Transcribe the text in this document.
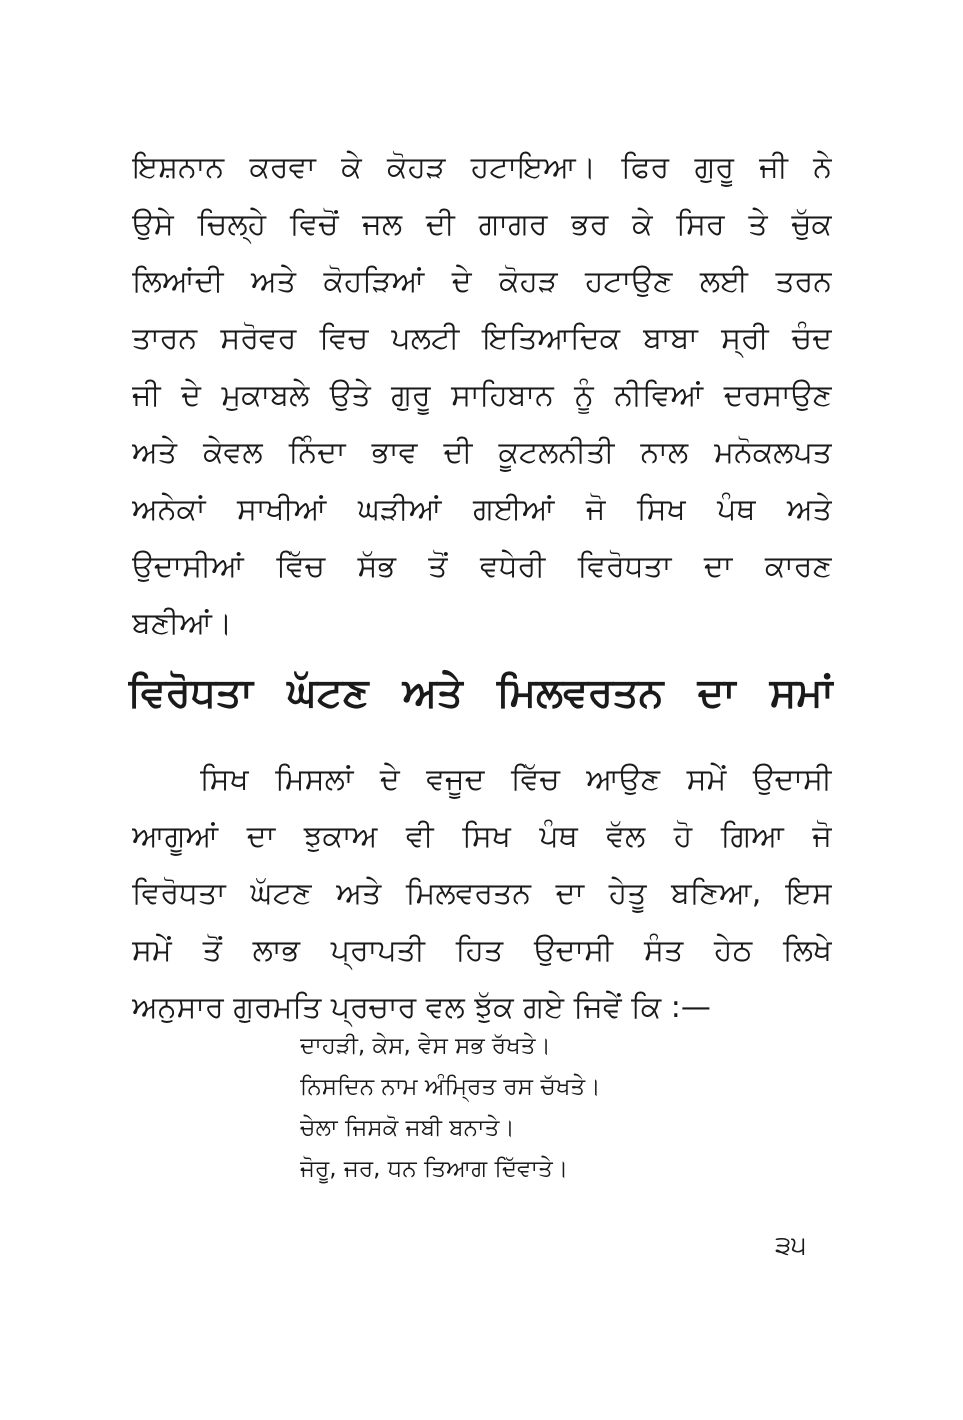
ਇਸ਼ਨਾਨ ਕਰਵਾ ਕੇ ਕੋਹੜ ਹਟਾਇਆ। ਫਿਰ ਗੁਰੂ ਜੀ ਨੇ
ਉਸੇ ਚਿਲ੍ਹੇ ਵਿਚੋਂ ਜਲ ਦੀ ਗਾਗਰ ਭਰ ਕੇ ਸਿਰ ਤੇ ਚੁੱਕ
ਲਿਆਂਦੀ ਅਤੇ ਕੋਹੜਿਆਂ ਦੇ ਕੋਹੜ ਹਟਾਉਣ ਲਈ ਤਰਨ
ਤਾਰਨ ਸਰੋਵਰ ਵਿਚ ਪਲਟੀ ਇਤਿਆਦਿਕ ਬਾਬਾ ਸ੍ਰੀ ਚੰਦ
ਜੀ ਦੇ ਮੁਕਾਬਲੇ ਉਤੇ ਗੁਰੂ ਸਾਹਿਬਾਨ ਨੂੰ ਨੀਵਿਆਂ ਦਰਸਾਉਣ
ਅਤੇ ਕੇਵਲ ਨਿੰਦਾ ਭਾਵ ਦੀ ਕੂਟਲਨੀਤੀ ਨਾਲ ਮਨੋਕਲਪਤ
ਅਨੇਕਾਂ ਸਾਖੀਆਂ ਘੜੀਆਂ ਗਈਆਂ ਜੋ ਸਿਖ ਪੰਥ ਅਤੇ
ਉਦਾਸੀਆਂ ਵਿੱਚ ਸੱਭ ਤੋਂ ਵਧੇਰੀ ਵਿਰੋਧਤਾ ਦਾ ਕਾਰਣ
ਬਣੀਆਂ।
ਵਿਰੋਧਤਾ ਘੱਟਣ ਅਤੇ ਮਿਲਵਰਤਨ ਦਾ ਸਮਾਂ
ਸਿਖ ਮਿਸਲਾਂ ਦੇ ਵਜੂਦ ਵਿੱਚ ਆਉਣ ਸਮੇਂ ਉਦਾਸੀ
ਆਗੂਆਂ ਦਾ ਝੁਕਾਅ ਵੀ ਸਿਖ ਪੰਥ ਵੱਲ ਹੋ ਗਿਆ ਜੋ
ਵਿਰੋਧਤਾ ਘੱਟਣ ਅਤੇ ਮਿਲਵਰਤਨ ਦਾ ਹੇਤੂ ਬਣਿਆ, ਇਸ
ਸਮੇਂ ਤੋਂ ਲਾਭ ਪ੍ਰਾਪਤੀ ਹਿਤ ਉਦਾਸੀ ਸੰਤ ਹੇਠ ਲਿਖੇ
ਅਨੁਸਾਰ ਗੁਰਮਤਿ ਪ੍ਰਚਾਰ ਵਲ ਝੁੱਕ ਗਏ ਜਿਵੇਂ ਕਿ :—
ਦਾਹੜੀ, ਕੇਸ, ਵੇਸ ਸਭ ਰੱਖਤੇ।
ਨਿਸਦਿਨ ਨਾਮ ਅੰਮ੍ਰਿਤ ਰਸ ਚੱਖਤੇ।
ਚੇਲਾ ਜਿਸਕੋ ਜਬੀ ਬਨਾਤੇ।
ਜੋਰੂ, ਜਰ, ਧਨ ਤਿਆਗ ਦਿੱਵਾਤੇ।
੩੫
